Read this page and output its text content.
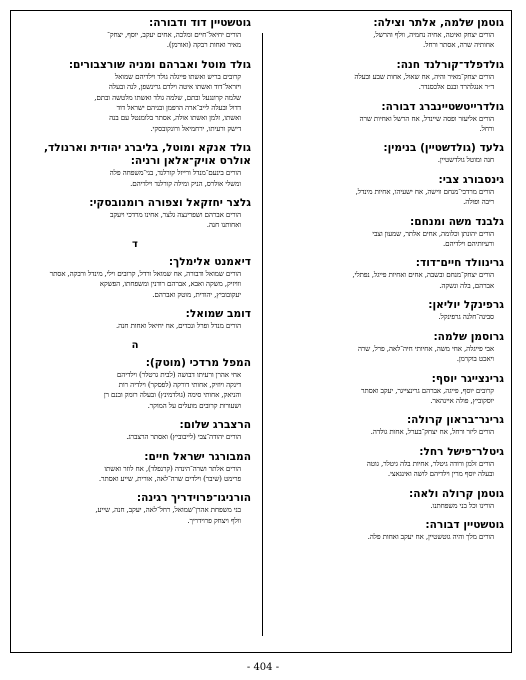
גוטמן שלמה, אלתר וצילה:
הורים יצחק ואיטה, אחיה נחמיה, וולף והרשל,
אחותיה שרה, אסתר ורחל.
גולדפלד־קורלנד חנה:
הורים יצחק־מאיר והיה, אח שאול, אחות שבע ובעלה
ד״ר אנגלהרד ובנם אלכסנדר.
גולדרייטשטיינברג דבורה:
הורים אליעזר ופסה שיינדל, אח הרשל ואחיות שרה
ורחל.
גלעד (גולדשטיין) בנימין:
חנה ומוטל גולדשטיין.
גינסבורג צבי:
הורים מרדכי־מנחם ווישה, אח ישעיהו, אחיות מינדל,
ריבה ופולה.
גלבנד משה ומנחם:
הורים יהונתן וכלומה, אחים אלתר, שמעון וצבי
ורעיותיהם וילדיהם.
גרינוולד חיים־דוד:
הורים יצחק־מנחם ובשבה, אחים ואחיות פייגל, נפתלי,
אברהם, בלה ונשקה.
גרפינקל יוליאן:
סבינה־חלנה גרפינקל.
גרוסמן שלמה:
אבי פייגלה, אחי משה, אחיותי חיה־לאה, פרל, שרה
ויאכט בוקרמן.
גרינצייגר יוסף:
קרובים יוסף, פייגה, אברהם גרינצייגר, יעקב ואסתר
יוסקוביץ, פולה איינהאר.
גרינר־בראון קרולה:
הורים ליזר ורחל, אח יצחק־בערל, אחות גולדה.
גיטלר־פישל רחל:
הורים זלמן ורודה גיטלר, אחיות בלה גיטלר, גוטה
ובעלה יוסף מרין וילדיהם לושה ואינגאצי.
גוטמן קרולה ולאה:
הורינו וכל בני משפחתנו.
גוטשטיין דבורה:
הורים מלך והיה גוטשטיין, אח יעקב ואחות פלה.
גוטשטיין דוד ודבורה:
הורים יחיאל־חיים ומלכה, אחים יעקב, יוסף, יצחק־
מאיר ואחות רבקה (ואורמן).
גולד מוטל ואברהם ומניה שורצבורים:
קרובים בריש ואשתו פייגלה גולד וילדיהם שמואל
ויזראל־דוד ואשתו איטה וילדם גרינשפן, לנה ובעלה
שלמה קרונגעל ובתם, שלמה גולד ואשתו מלטשה ובתם,
דדול ובעלה לייב־ארה הרפמן ובניהם ישראל דוד
ואשתו, זלמן ואשתו אולה, אסתר בלומנטל עם בנה
דישק ורעיתו, ירחמיאל ורונקובסקי.
גולד אנקא ומוטל, בליברג יהודית וארנולד,
אולרס אויק־אלאן ורניה:
הורים בינעם־מנדל ורייזל קורלנד, בני־משפחה פלה
ומשלי אולרס, הניק ומילה קורלנד וילדיהם.
גלצר יחזקאל וצפורה רומנובסקי:
הורים אברהם ושפרינצה גלצר, אחינו מרדכי ויעקב
ואחותנו חנה.
ד
דיאמנט אלימלך:
הורים שמואל ודבורה, אח שמואל ורדל, קרובים וילי, מינדל ורבקה, אסתר
ווויזיק, משקה ואבא, אברהם רודנין ומשפחתו, הפשקא
יעקובוביץ, יהודית, מוטק ואברהם.
דומב שמואל:
הורים מנדל ופרל ונכדים, אח יחיאל ואחות חנה.
ה
המפל מרדכי (מוטק):
אחי אהרן ורעיתו דבושה (לבית גרטלר) וילדיהם
דינקה ויוזיק, אחותי דורקה (לפסקר) וילדיה רות
והניאק, אחותי סימה (גולדמינץ) ובעלה רומק ובנם רן
ושעורות קרובים מועלים על המוקר.
הרצברג שלום:
הורים יהודה־צבי (לייבוביץ) ואסתר הרצברג.
המבורגר ישראל חיים:
הורים אלתר ושרה־הינדה (קרנפלד), אח לוזר ואשתו
פרימט (שיבר) וילדים שרה־לאה, אורית, שייע ואסתר.
הורניגו־פרוידריך רגינה:
בני משפחת אהרן־שמואל, רחל־לאה, יעקב, חנה, שייע,
וולף ויצחק פרוידריך.
- 404 -
